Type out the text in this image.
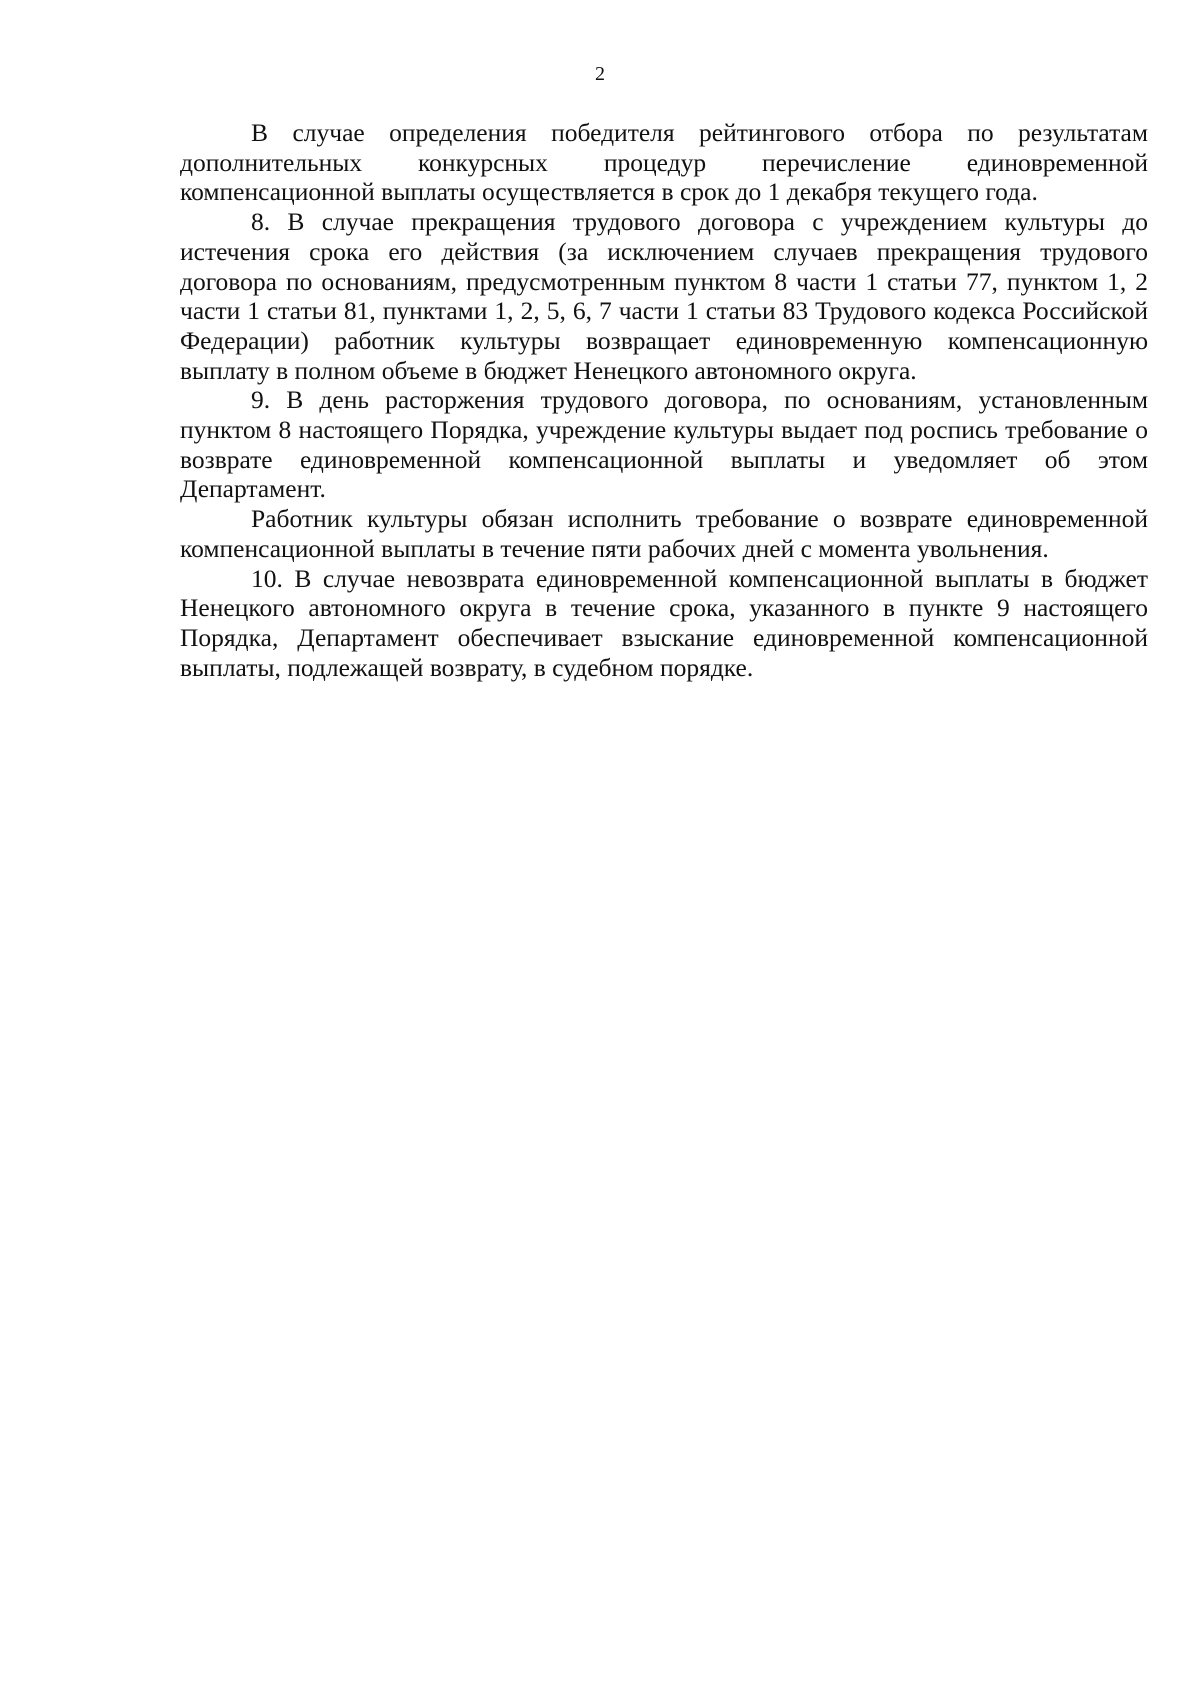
2

В случае определения победителя рейтингового отбора по результатам дополнительных конкурсных процедур перечисление единовременной компенсационной выплаты осуществляется в срок до 1 декабря текущего года.

8. В случае прекращения трудового договора с учреждением культуры до истечения срока его действия (за исключением случаев прекращения трудового договора по основаниям, предусмотренным пунктом 8 части 1 статьи 77, пунктом 1, 2 части 1 статьи 81, пунктами 1, 2, 5, 6, 7 части 1 статьи 83 Трудового кодекса Российской Федерации) работник культуры возвращает единовременную компенсационную выплату в полном объеме в бюджет Ненецкого автономного округа.

9. В день расторжения трудового договора, по основаниям, установленным пунктом 8 настоящего Порядка, учреждение культуры выдает под роспись требование о возврате единовременной компенсационной выплаты и уведомляет об этом Департамент.

Работник культуры обязан исполнить требование о возврате единовременной компенсационной выплаты в течение пяти рабочих дней с момента увольнения.

10. В случае невозврата единовременной компенсационной выплаты в бюджет Ненецкого автономного округа в течение срока, указанного в пункте 9 настоящего Порядка, Департамент обеспечивает взыскание единовременной компенсационной выплаты, подлежащей возврату, в судебном порядке.
